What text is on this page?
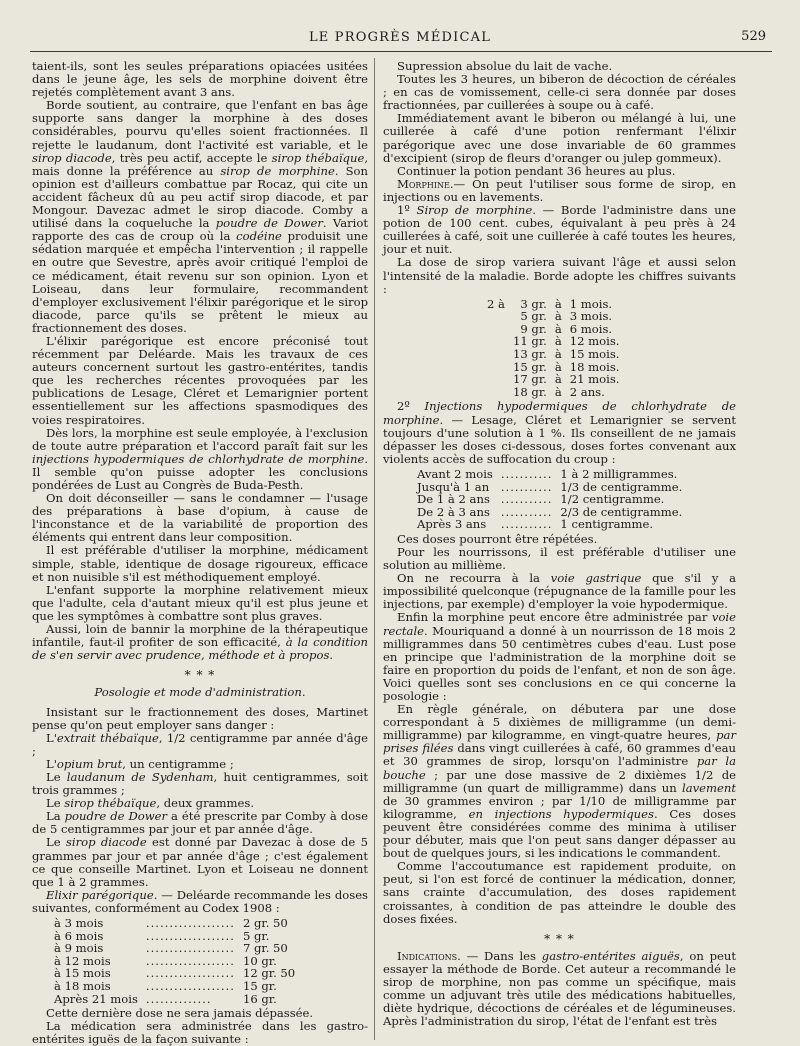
LE PROGRÈS MÉDICAL	529

taient-ils, sont les seules préparations opiacées usitées dans le jeune âge, les sels de morphine doivent être rejetés complètement avant 3 ans.

Borde soutient, au contraire, que l'enfant en bas âge supporte sans danger la morphine à des doses considérables, pourvu qu'elles soient fractionnées. Il rejette le laudanum, dont l'activité est variable, et le sirop diacode, très peu actif, accepte le sirop thébaïque, mais donne la préférence au sirop de morphine. Son opinion est d'ailleurs combattue par Rocaz, qui cite un accident fâcheux dû au peu actif sirop diacode, et par Mongour. Davezac admet le sirop diacode. Comby a utilisé dans la coqueluche la poudre de Dower. Variot rapporte des cas de croup où la codéine produisit une sédation marquée et empêcha l'intervention ; il rappelle en outre que Sevestre, après avoir critiqué l'emploi de ce médicament, était revenu sur son opinion. Lyon et Loiseau, dans leur formulaire, recommandent d'employer exclusivement l'élixir parégorique et le sirop diacode, parce qu'ils se prêtent le mieux au fractionnement des doses.

L'élixir parégorique est encore préconisé tout récemment par Deléarde. Mais les travaux de ces auteurs concernent surtout les gastro-entérites, tandis que les recherches récentes provoquées par les publications de Lesage, Cléret et Lemarignier portent essentiellement sur les affections spasmodiques des voies respiratoires.

Dès lors, la morphine est seule employée, à l'exclusion de toute autre préparation et l'accord paraît fait sur les injections hypodermiques de chlorhydrate de morphine. Il semble qu'on puisse adopter les conclusions pondérées de Lust au Congrès de Buda-Pesth.

On doit déconseiller — sans le condamner — l'usage des préparations à base d'opium, à cause de l'inconstance et de la variabilité de proportion des éléments qui entrent dans leur composition.

Il est préférable d'utiliser la morphine, médicament simple, stable, identique de dosage rigoureux, efficace et non nuisible s'il est méthodiquement employé.

L'enfant supporte la morphine relativement mieux que l'adulte, cela d'autant mieux qu'il est plus jeune et que les symptômes à combattre sont plus graves.

Aussi, loin de bannir la morphine de la thérapeutique infantile, faut-il profiter de son efficacité, à la condition de s'en servir avec prudence, méthode et à propos.

* * *
Posologie et mode d'administration.

Insistant sur le fractionnement des doses, Martinet pense qu'on peut employer sans danger :

L'extrait thébaïque, 1/2 centigramme par année d'âge ;

L'opium brut, un centigramme ;

Le laudanum de Sydenham, huit centigrammes, soit trois grammes ;

Le sirop thébaïque, deux grammes.

La poudre de Dower a été prescrite par Comby à dose de 5 centigrammes par jour et par année d'âge.

Le sirop diacode est donné par Davezac à dose de 5 grammes par jour et par année d'âge ; c'est également ce que conseille Martinet. Lyon et Loiseau ne donnent que 1 à 2 grammes.

Elixir parégorique. — Deléarde recommande les doses suivantes, conformément au Codex 1908 :

à 3 mois	...................	2 gr. 50
à 6 mois	...................	5 gr.
à 9 mois	...................	7 gr. 50
à 12 mois	...................	10 gr.
à 15 mois	...................	12 gr. 50
à 18 mois	...................	15 gr.
Après 21 mois	..............	16 gr.

Cette dernière dose ne sera jamais dépassée.

La médication sera administrée dans les gastro-entérites iguës de la façon suivante :

Supression absolue du lait de vache.

Toutes les 3 heures, un biberon de décoction de céréales ; en cas de vomissement, celle-ci sera donnée par doses fractionnées, par cuillerées à soupe ou à café.

Immédiatement avant le biberon ou mélangé à lui, une cuillerée à café d'une potion renfermant l'élixir parégorique avec une dose invariable de 60 grammes d'excipient (sirop de fleurs d'oranger ou julep gommeux).

Continuer la potion pendant 36 heures au plus.

Morphine.— On peut l'utiliser sous forme de sirop, en injections ou en lavements.

1º Sirop de morphine. — Borde l'administre dans une potion de 100 cent. cubes, équivalant à peu près à 24 cuillerées à café, soit une cuillerée à café toutes les heures, jour et nuit.

La dose de sirop variera suivant l'âge et aussi selon l'intensité de la maladie. Borde adopte les chiffres suivants :

2 à	3 gr.	à	1 mois.
	5 gr.	à	3 mois.
	9 gr.	à	6 mois.
	11 gr.	à	12 mois.
	13 gr.	à	15 mois.
	15 gr.	à	18 mois.
	17 gr.	à	21 mois.
	18 gr.	à	2 ans.

2º Injections hypodermiques de chlorhydrate de morphine. — Lesage, Cléret et Lemarignier se servent toujours d'une solution à 1 %. Ils conseillent de ne jamais dépasser les doses ci-dessous, doses fortes convenant aux violents accès de suffocation du croup :

Avant 2 mois	...........	1 à 2 milligrammes.
Jusqu'à 1 an	...........	1/3 de centigramme.
De 1 à 2 ans	...........	1/2 centigramme.
De 2 à 3 ans	...........	2/3 de centigramme.
Après 3 ans	...........	1 centigramme.

Ces doses pourront être répétées.

Pour les nourrissons, il est préférable d'utiliser une solution au millième.

On ne recourra à la voie gastrique que s'il y a impossibilité quelconque (répugnance de la famille pour les injections, par exemple) d'employer la voie hypodermique.

Enfin la morphine peut encore être administrée par voie rectale. Mouriquand a donné à un nourrisson de 18 mois 2 milligrammes dans 50 centimètres cubes d'eau. Lust pose en principe que l'administration de la morphine doit se faire en proportion du poids de l'enfant, et non de son âge. Voici quelles sont ses conclusions en ce qui concerne la posologie :

En règle générale, on débutera par une dose correspondant à 5 dixièmes de milligramme (un demi-milligramme) par kilogramme, en vingt-quatre heures, par prises filées dans vingt cuillerées à café, 60 grammes d'eau et 30 grammes de sirop, lorsqu'on l'administre par la bouche ; par une dose massive de 2 dixièmes 1/2 de milligramme (un quart de milligramme) dans un lavement de 30 grammes environ ; par 1/10 de milligramme par kilogramme, en injections hypodermiques. Ces doses peuvent être considérées comme des minima à utiliser pour débuter, mais que l'on peut sans danger dépasser au bout de quelques jours, si les indications le commandent.

Comme l'accoutumance est rapidement produite, on peut, si l'on est forcé de continuer la médication, donner, sans crainte d'accumulation, des doses rapidement croissantes, à condition de pas atteindre le double des doses fixées.

* * *

Indications. — Dans les gastro-entérites aiguës, on peut essayer la méthode de Borde. Cet auteur a recommandé le sirop de morphine, non pas comme un spécifique, mais comme un adjuvant très utile des médications habituelles, diète hydrique, décoctions de céréales et de légumineuses. Après l'administration du sirop, l'état de l'enfant est très
